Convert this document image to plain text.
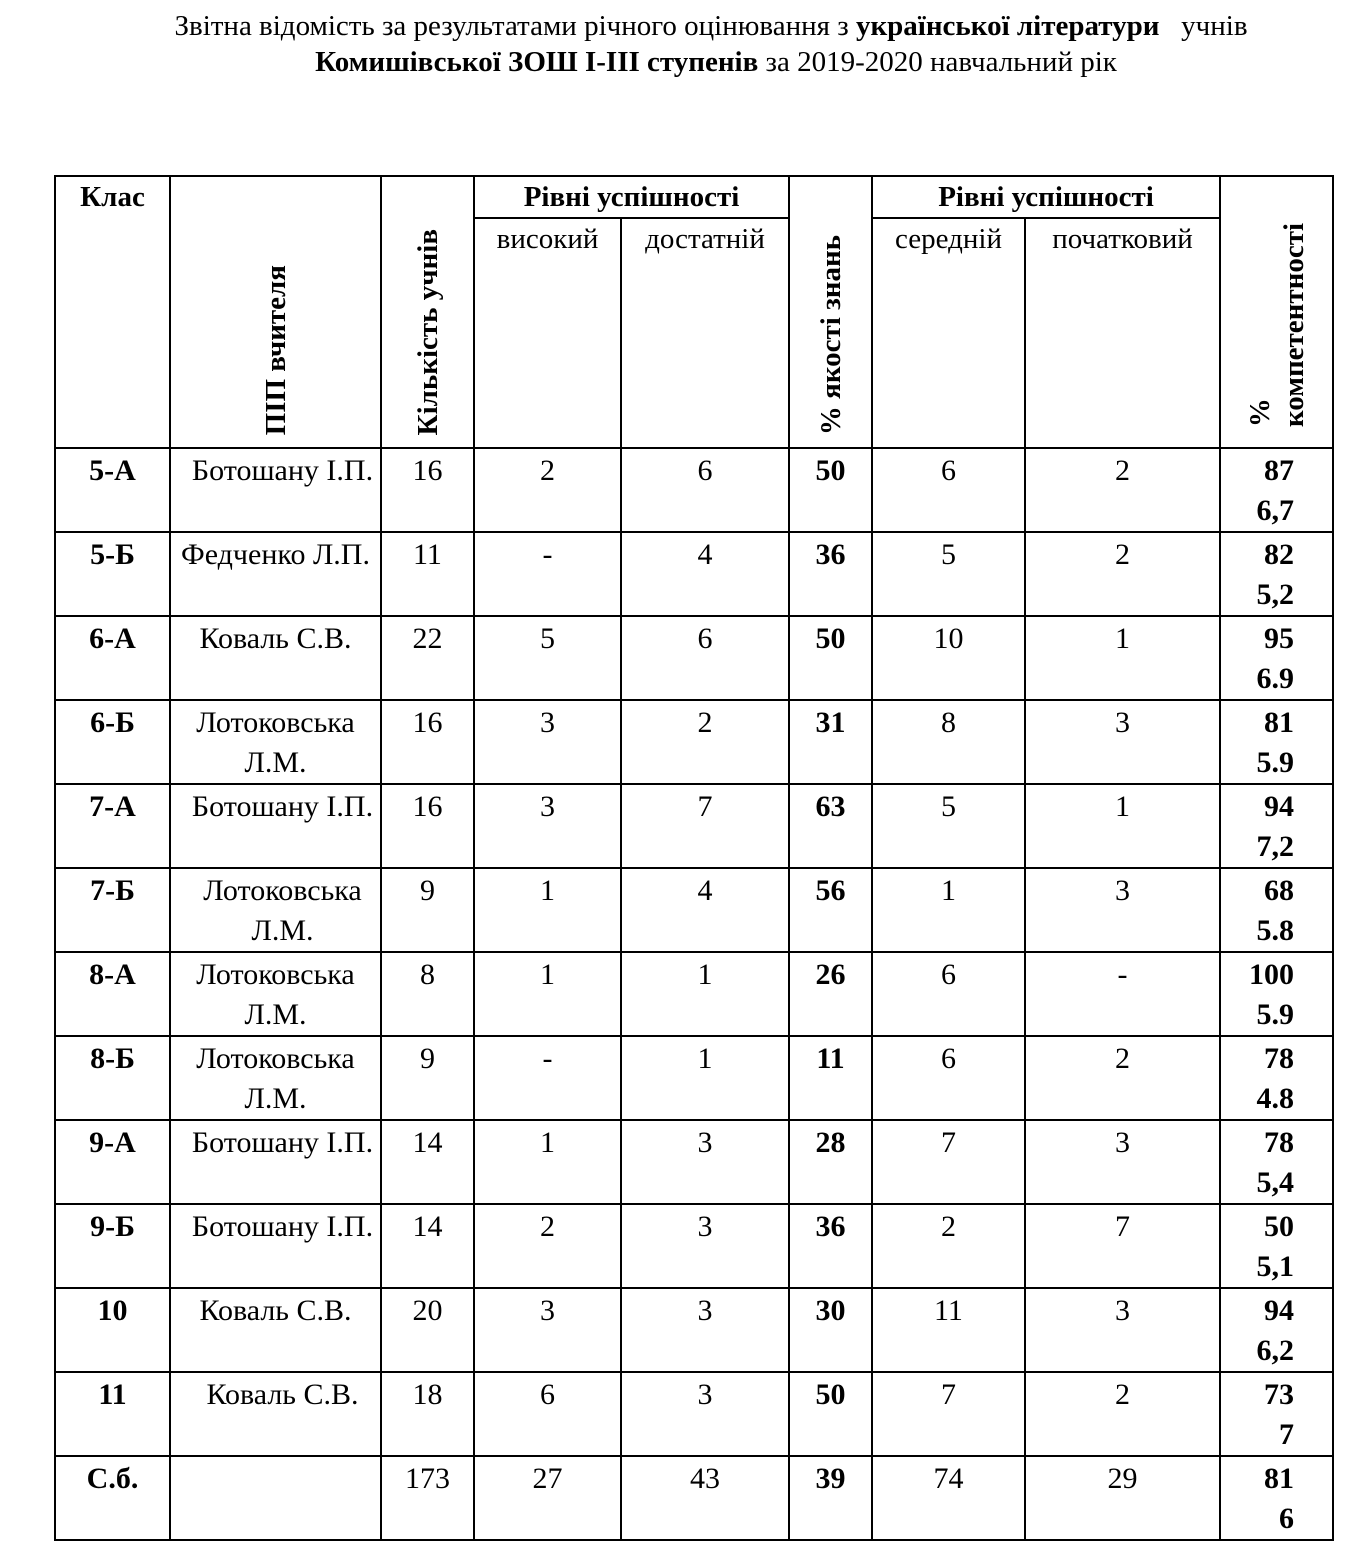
Звітна відомість за результатами річного оцінювання з української літератури   учнів
Комишівської ЗОШ І-ІІІ ступенів за 2019-2020 навчальний рік
Клас	ПІП вчителя	Кількість учнів	Рівні успішності		% якості знань	Рівні успішності		%
компетентності

			високий	достатній		середній	початковий	
5-А	Ботошану І.П.	16	2	6	50	6	2	87
6,7

5-Б	Федченко Л.П.	11	-	4	36	5	2	82
5,2

6-А	Коваль С.В.	22	5	6	50	10	1	95
6.9

6-Б	Лотоковська Л.М.	16	3	2	31	8	3	81
5.9

7-А	Ботошану І.П.	16	3	7	63	5	1	94
7,2

7-Б	Лотоковська Л.М.	9	1	4	56	1	3	68
5.8

8-А	Лотоковська Л.М.	8	1	1	26	6	-	100
5.9

8-Б	Лотоковська Л.М.	9	-	1	11	6	2	78
4.8

9-А	Ботошану І.П.	14	1	3	28	7	3	78
5,4

9-Б	Ботошану І.П.	14	2	3	36	2	7	50
5,1

10	Коваль С.В.	20	3	3	30	11	3	94
6,2

11	Коваль С.В.	18	6	3	50	7	2	73
7

С.б.		173	27	43	39	74	29	81
6
